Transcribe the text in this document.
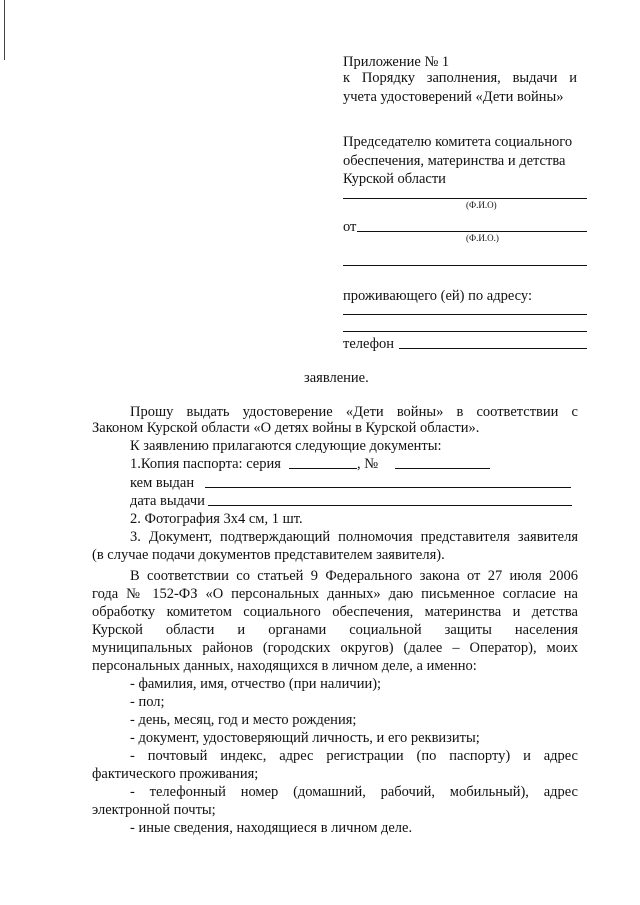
Приложение № 1
к Порядку заполнения, выдачи и
учета удостоверений «Дети войны»
Председателю комитета социального
обеспечения, материнства и детства
Курской области
(Ф.И.О)
от
(Ф.И.О.)
проживающего (ей) по адресу:
телефон
заявление.
Прошу выдать удостоверение «Дети войны» в соответствии с
Законом Курской области «О детях войны в Курской области».
К заявлению прилагаются следующие документы:
1.Копия паспорта: серия	, №
кем выдан
дата выдачи
2. Фотография 3х4 см, 1 шт.
3. Документ, подтверждающий полномочия представителя заявителя
(в случае подачи документов представителем заявителя).
В соответствии со статьей 9 Федерального закона от 27 июля 2006
года № 152-ФЗ «О персональных данных» даю письменное согласие на
обработку комитетом социального обеспечения, материнства и детства
Курской области и органами социальной защиты населения
муниципальных районов (городских округов) (далее – Оператор), моих
персональных данных, находящихся в личном деле, а именно:
- фамилия, имя, отчество (при наличии);
- пол;
- день, месяц, год и место рождения;
- документ, удостоверяющий личность, и его реквизиты;
- почтовый индекс, адрес регистрации (по паспорту) и адрес
фактического проживания;
- телефонный номер (домашний, рабочий, мобильный), адрес
электронной почты;
- иные сведения, находящиеся в личном деле.
